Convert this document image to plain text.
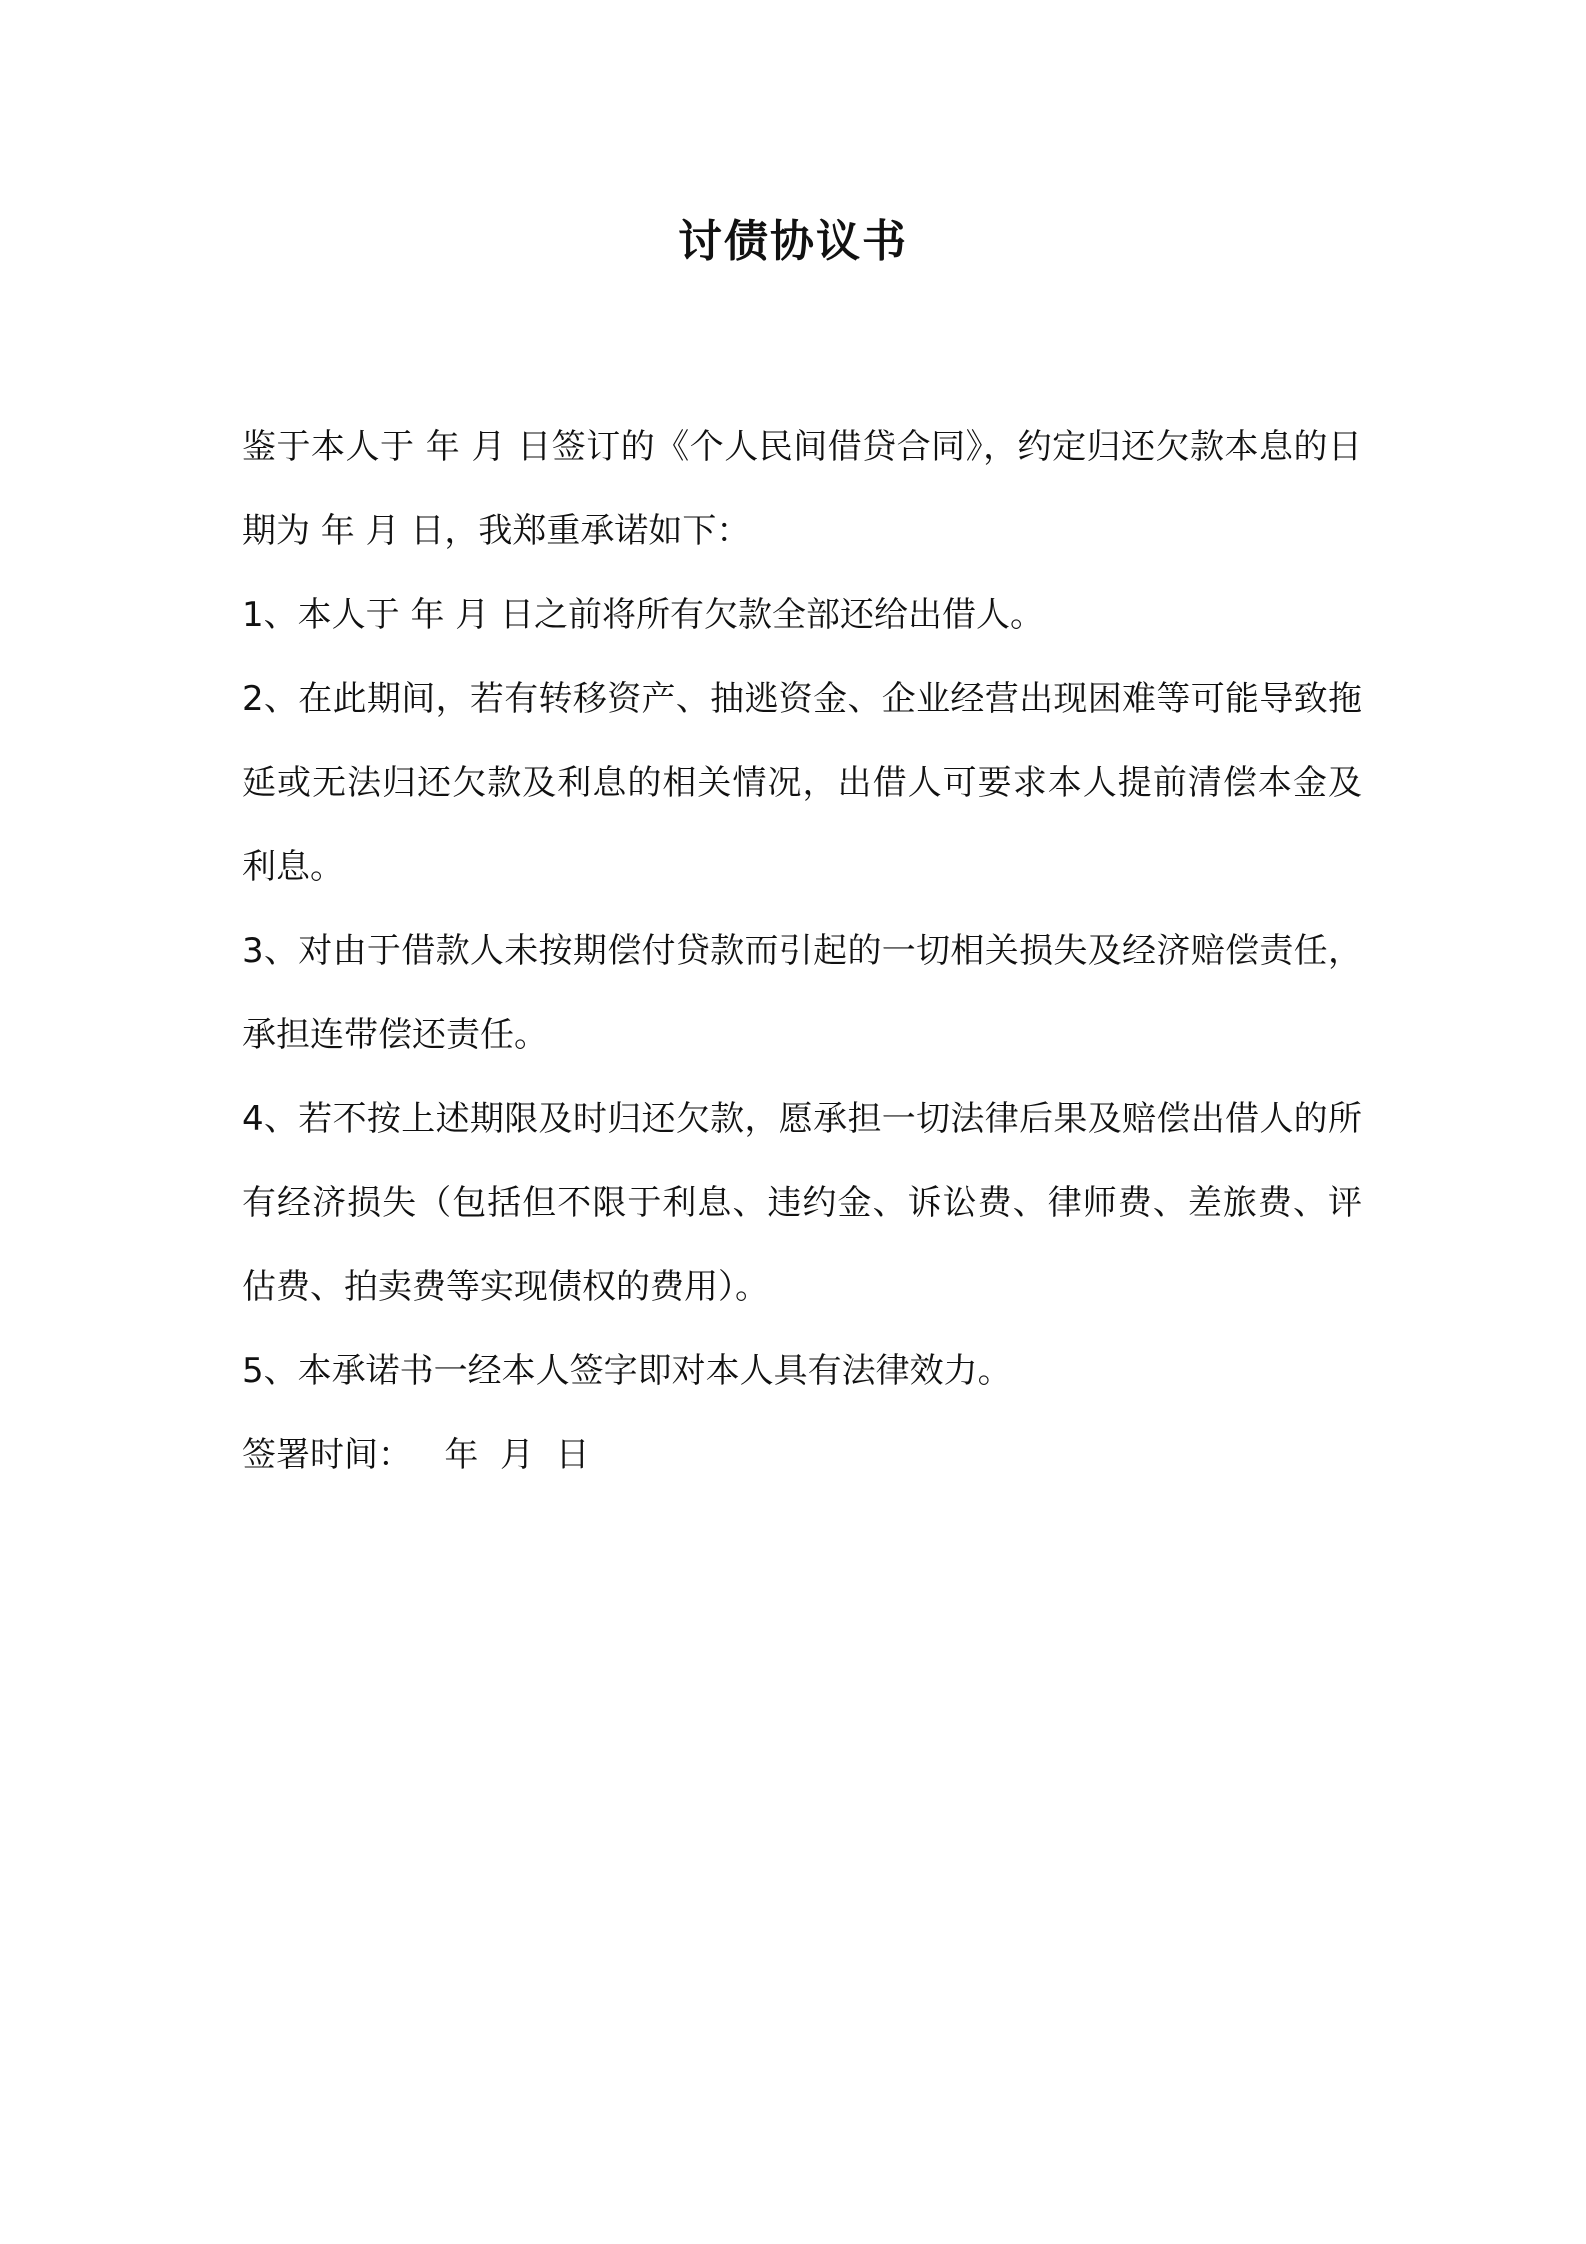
讨债协议书

鉴于本人于 年 月 日签订的《个人民间借贷合同》，约定归还欠款本息的日期为 年 月 日，我郑重承诺如下：

1、本人于 年 月 日之前将所有欠款全部还给出借人。

2、在此期间，若有转移资产、抽逃资金、企业经营出现困难等可能导致拖延或无法归还欠款及利息的相关情况，出借人可要求本人提前清偿本金及利息。

3、对由于借款人未按期偿付贷款而引起的一切相关损失及经济赔偿责任，承担连带偿还责任。

4、若不按上述期限及时归还欠款，愿承担一切法律后果及赔偿出借人的所有经济损失（包括但不限于利息、违约金、诉讼费、律师费、差旅费、评估费、拍卖费等实现债权的费用）。

5、本承诺书一经本人签字即对本人具有法律效力。

签署时间：   年  月  日
